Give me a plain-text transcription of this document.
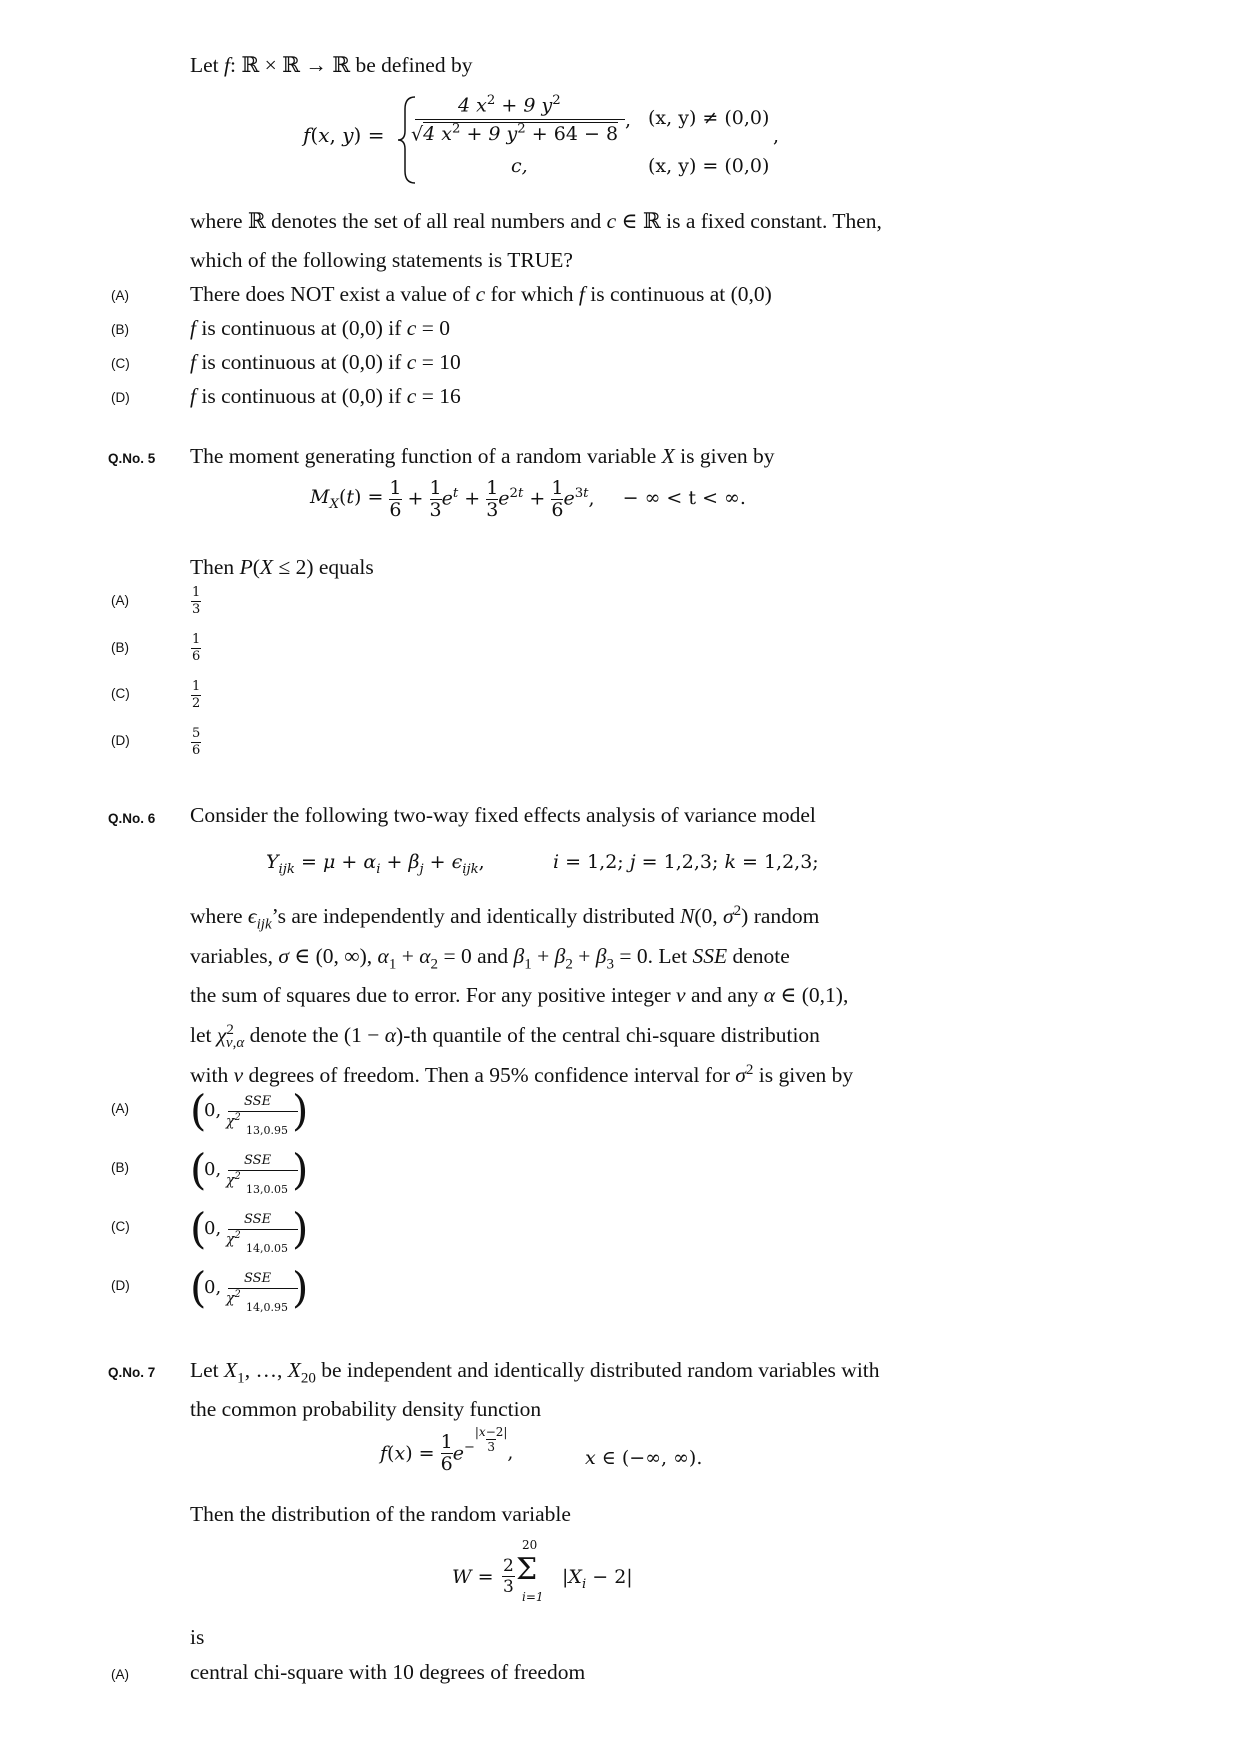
Let f: ℝ × ℝ → ℝ be defined by
f(x, y) =
4 $x^2 + 9$ $y^2$
√4 $x^2 + 9$ $y^2 + 64 - 8$
, (x, y) ≠ (0,0)
,
c,	(x, y) = (0,0)
where ℝ denotes the set of all real numbers and c ∈ ℝ is a fixed constant. Then,
which of the following statements is TRUE?
(A)	There does NOT exist a value of c for which f is continuous at (0,0)
(B)	f is continuous at (0,0) if c = 0
(C)	f is continuous at (0,0) if c = 10
(D)	f is continuous at (0,0) if c = 16
Q.No. 5 The moment generating function of a random variable X is given by
$M_X(t) = \frac{1}{6} + \frac{1}{3} e^t + \frac{1}{3} e^{2t} + \frac{1}{6} e^{3t}$, − ∞ < t < ∞.
Then P(X ≤ 2) equals
(A)
1
3
(B)
1
6
(C)	1
2
(D)	5
6
Q.No. 6 Consider the following two-way fixed effects analysis of variance model
$Y_{ijk} = \mu + \alpha_i + \beta_j + \epsilon_{ijk}$,	i = 1,2; j = 1,2,3; k = 1,2,3;
where $\epsilon_{ijk}’s$ are independently and identically distributed N(0, $\sigma^2$) random
variables, σ ∈ (0, ∞), $\alpha_1 + \alpha_2 = 0$ and $\beta_1 + \beta_2 + \beta_3 = 0$. Let SSE denote
the sum of squares due to error. For any positive integer ν and any α ∈ (0,1),
let $\chi^2_{\nu,\alpha}$ denote the (1 − α)-th quantile of the central chi-square distribution
with ν degrees of freedom. Then a 95% confidence interval for $\sigma^2$ is given by
(A) (
0, SSE
$\chi^2$
13,0.95 )
(B) (
0, SSE
$\chi^2$
13,0.05 )
(C) (
0, SSE
$\chi^2$
14,0.05 )
(D) (
0, SSE
$\chi^2$
14,0.95 )
Q.No. 7 Let $X_1$, …, $X_{20}$ be independent and identically distributed random variables with
the common probability density function
$f(x) = \frac{1}{6} e^{- \frac{|x-2|}{3}}$ ,	x ∈ (−∞, ∞).
Then the distribution of the random variable
W = 2
3
20
Σ
i=1
$|X_i - 2|$
is
(A)	central chi-square with 10 degrees of freedom
